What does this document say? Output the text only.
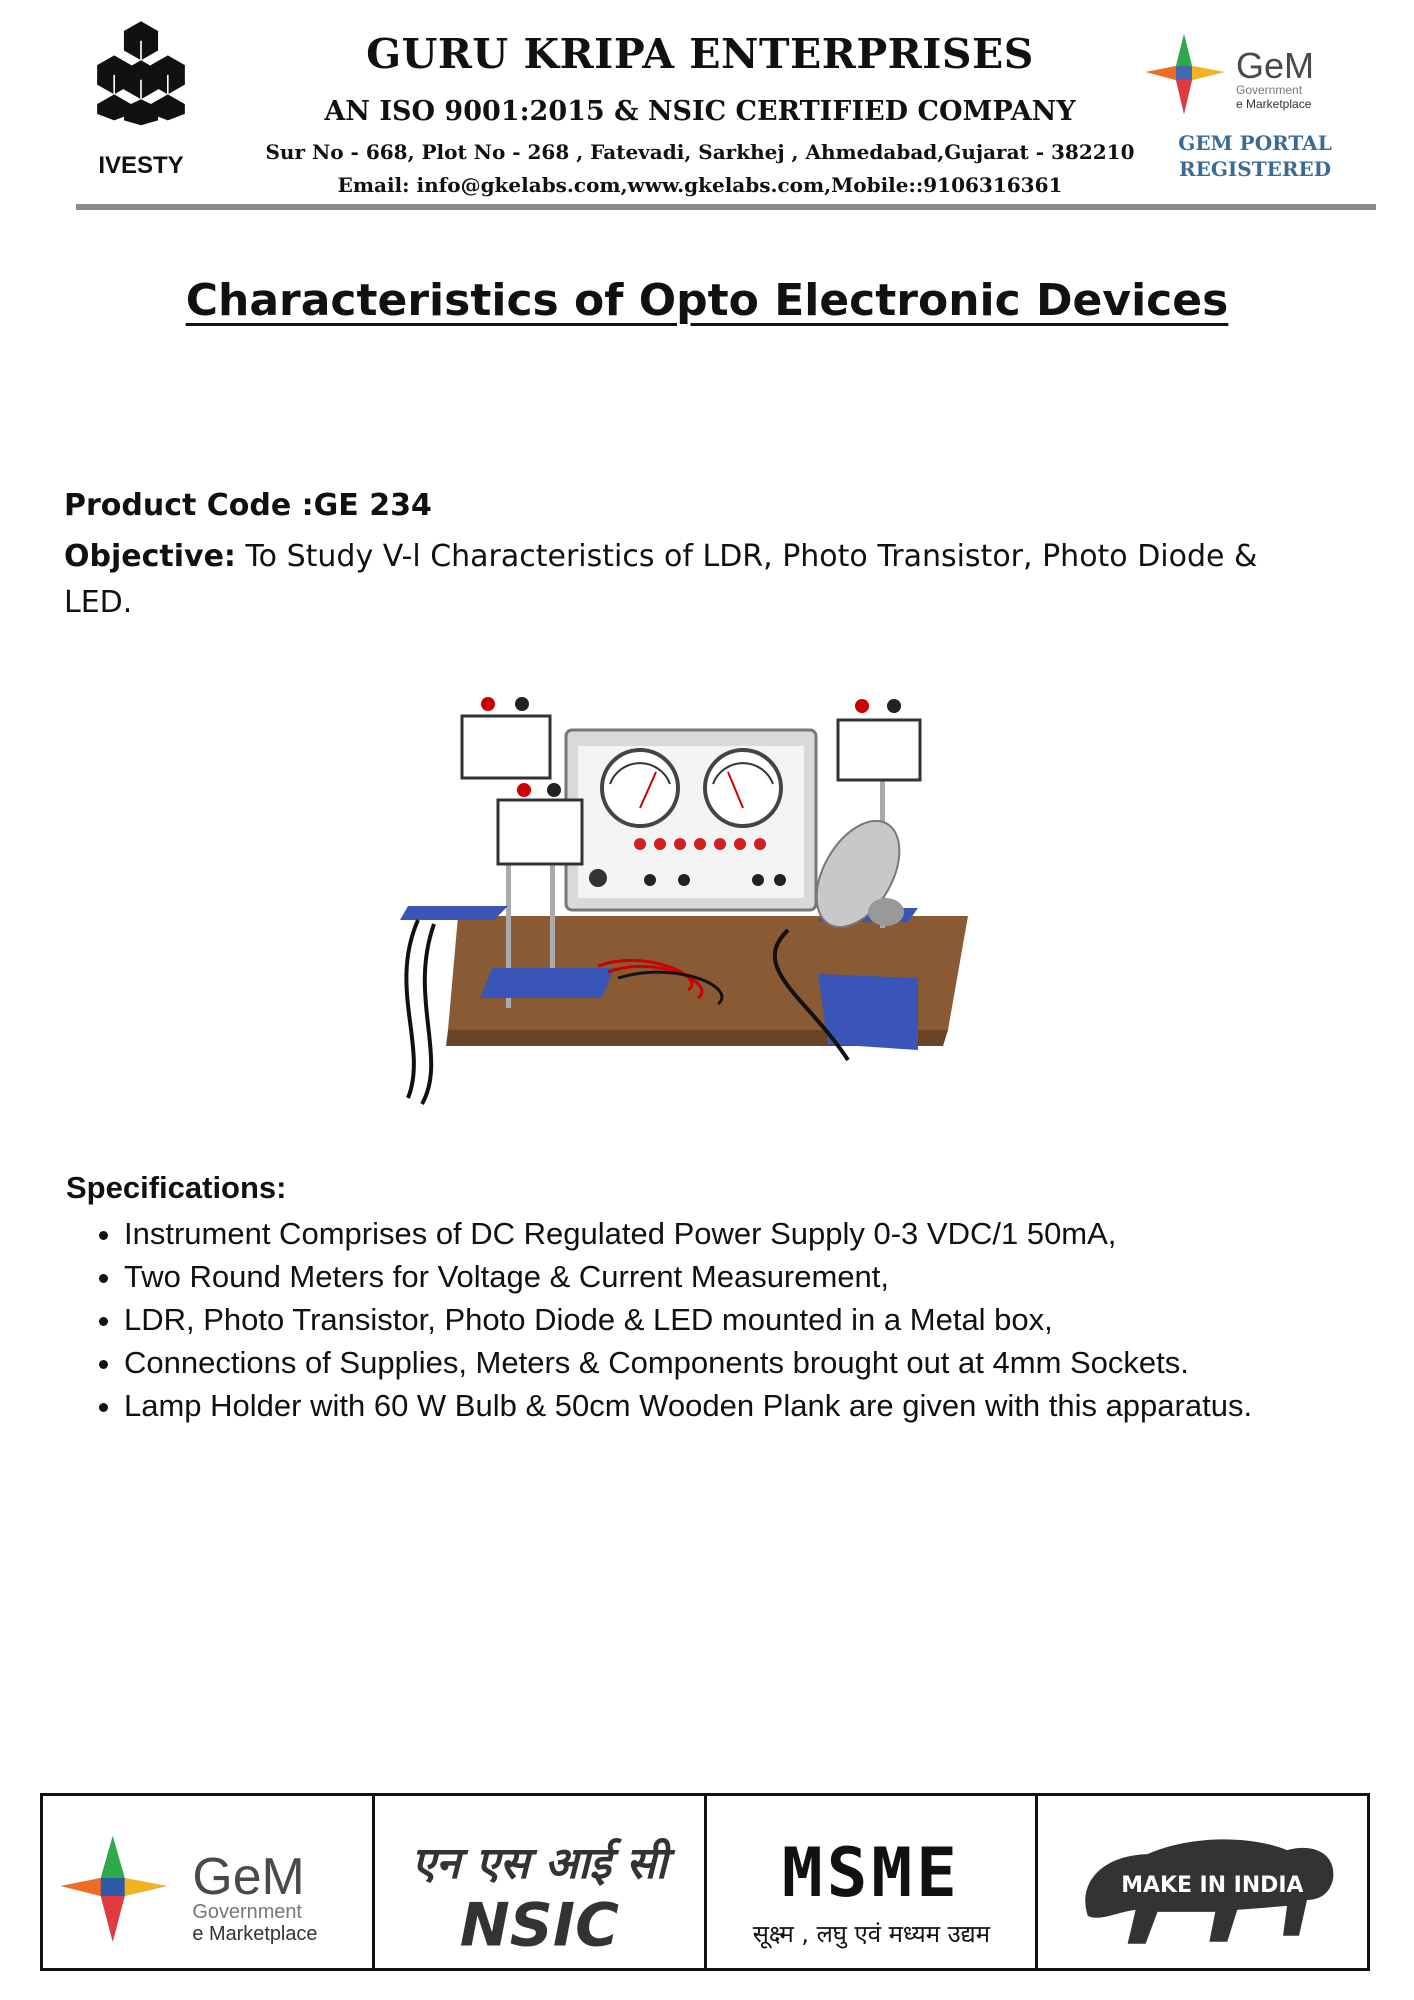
IVESTY
GURU KRIPA ENTERPRISES
AN ISO 9001:2015 & NSIC CERTIFIED COMPANY
Sur No - 668, Plot No - 268 , Fatevadi, Sarkhej , Ahmedabad,Gujarat - 382210
Email: info@gkelabs.com,www.gkelabs.com,Mobile::9106316361
GeM
Government
e Marketplace
GEM PORTAL
REGISTERED
Characteristics of Opto Electronic Devices
Product Code :GE 234
Objective: To Study V-l Characteristics of LDR, Photo Transistor, Photo Diode & LED.
Specifications:
• Instrument Comprises of DC Regulated Power Supply 0-3 VDC/1 50mA,
• Two Round Meters for Voltage & Current Measurement,
• LDR, Photo Transistor, Photo Diode & LED mounted in a Metal box,
• Connections of Supplies, Meters & Components brought out at 4mm Sockets.
• Lamp Holder with 60 W Bulb & 50cm Wooden Plank are given with this apparatus.
GeM
Government
e Marketplace
एन एस आई सी
NSIC
MSME
सूक्ष्म , लघु एवं मध्यम उद्यम
MAKE IN INDIA
